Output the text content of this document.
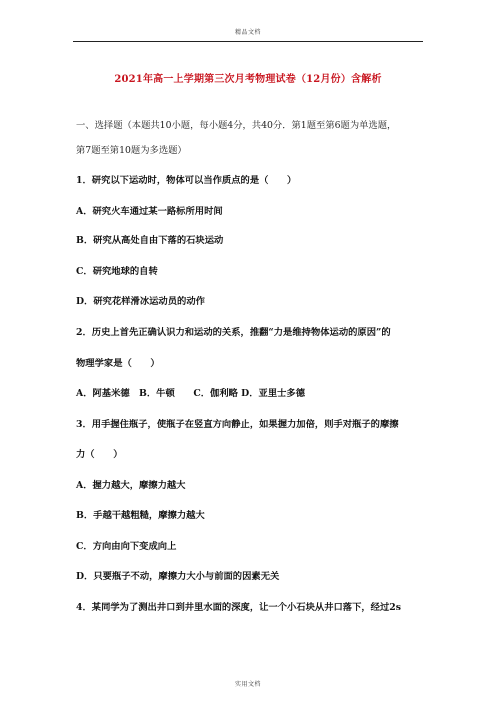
精品文档
2021年高一上学期第三次月考物理试卷（12月份）含解析
一、选择题（本题共10小题，每小题4分，共40分．第1题至第6题为单选题，
第7题至第10题为多选题）
1．研究以下运动时，物体可以当作质点的是（　　）
A．研究火车通过某一路标所用时间
B．研究从高处自由下落的石块运动
C．研究地球的自转
D．研究花样滑冰运动员的动作
2．历史上首先正确认识力和运动的关系，推翻“力是维持物体运动的原因”的
物理学家是（　　）
A．阿基米德　B．牛顿　　C．伽利略 D．亚里士多德
3．用手握住瓶子，使瓶子在竖直方向静止，如果握力加倍，则手对瓶子的摩擦
力（　　）
A．握力越大，摩擦力越大
B．手越干越粗糙，摩擦力越大
C．方向由向下变成向上
D．只要瓶子不动，摩擦力大小与前面的因素无关
4．某同学为了测出井口到井里水面的深度，让一个小石块从井口落下，经过2s
实用文档
